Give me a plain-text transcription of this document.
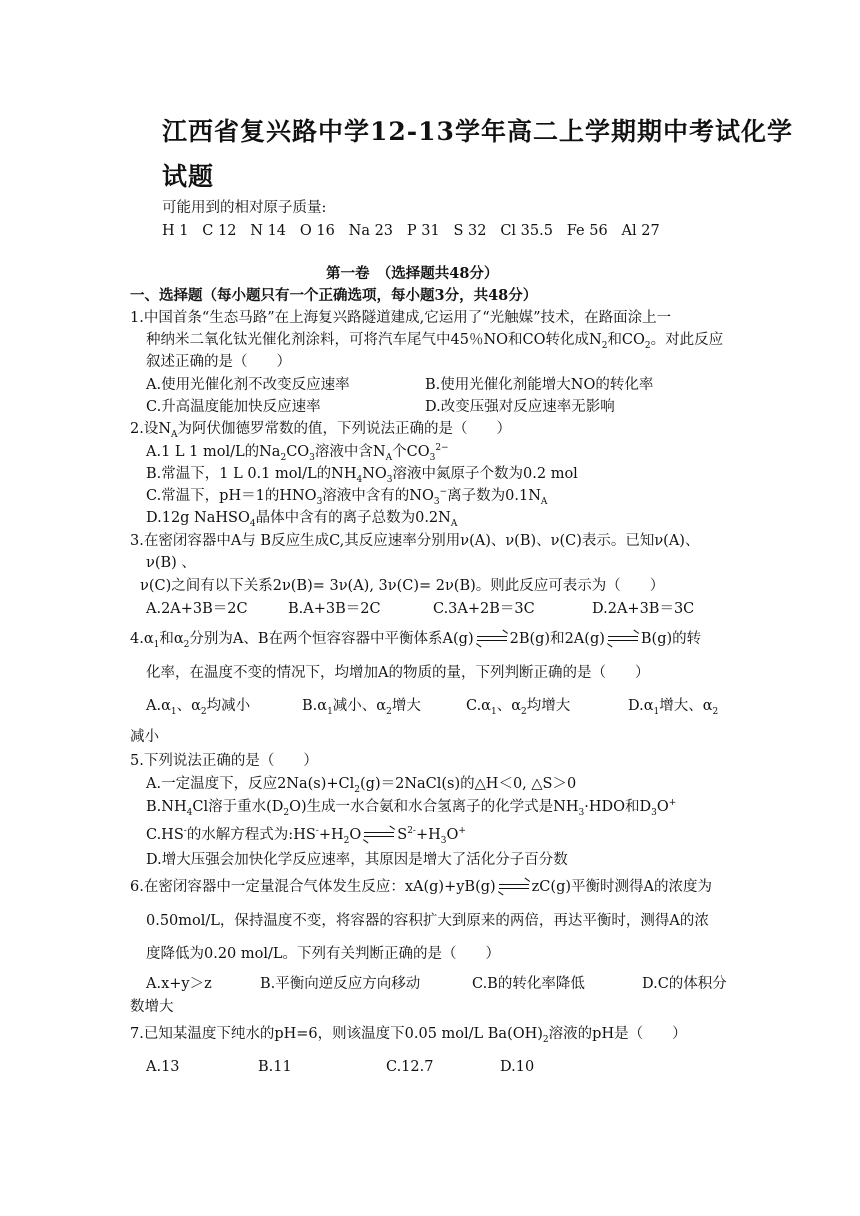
江西省复兴路中学12-13学年高二上学期期中考试化学
试题
可能用到的相对原子质量:
H 1   C 12   N 14   O 16   Na 23   P 31   S 32   Cl 35.5   Fe 56   Al 27
第一卷　（选择题共48分）
一、选择题（每小题只有一个正确选项，每小题3分，共48分）
1.中国首条“生态马路”在上海复兴路隧道建成,它运用了“光触媒”技术，在路面涂上一
种纳米二氧化钛光催化剂涂料，可将汽车尾气中45％NO和CO转化成$N_2$和$CO_2$。对此反应
叙述正确的是（　　）
A.使用光催化剂不改变反应速率	B.使用光催化剂能增大NO的转化率
C.升高温度能加快反应速率	D.改变压强对反应速率无影响
2.设$N_A$为阿伏伽德罗常数的值，下列说法正确的是（　　）
A.1 L 1 mol/L的$Na_2CO_3$溶液中含$N_A$个$CO_3^{2-}$
B.常温下，1 L 0.1 mol/L的$NH_4NO_3$溶液中氮原子个数为0.2 mol
C.常温下，pH＝1的$HNO_3$溶液中含有的$NO_3^-$离子数为$0.1N_A$
D.12g NaHSO$_4$晶体中含有的离子总数为$0.2N_A$
3.在密闭容器中A与 B反应生成C,其反应速率分别用ν(A)、ν(B)、ν(C)表示。已知ν(A)、
ν(B) 、
ν(C)之间有以下关系2ν(B)= 3ν(A), 3ν(C)= 2ν(B)。则此反应可表示为（　　）
A.2A+3B＝2C	B.A+3B＝2C	C.3A+2B＝3C	D.2A+3B＝3C
$4.\alpha_1$和$\alpha_2$分别为A、B在两个恒容容器中平衡体系A(g) 2B(g)和2A(g) B(g)的转
化率，在温度不变的情况下，均增加A的物质的量，下列判断正确的是（　　）
$A.\alpha_1$、$\alpha_2$均减小	$B.\alpha_1$减小、$\alpha_2$增大	$C.\alpha_1$、$\alpha_2$均增大	$D.\alpha_1$增大、$\alpha_2$
减小
5.下列说法正确的是（　　）
A.一定温度下，反应$2Na(s)+Cl_2(g)=2NaCl(s)$的△H＜0, △S＞0
$B.NH_4Cl$溶于重水$(D_2O)$生成一水合氨和水合氢离子的化学式是$NH_3\cdot HDO$和$D_3O^+$
C.HS-的水解方程式为$:HS^-+H_2O$ $S^{2-}+H_3O^+$
D.增大压强会加快化学反应速率，其原因是增大了活化分子百分数
6.在密闭容器中一定量混合气体发生反应：xA(g)+yB(g) zC(g)平衡时测得A的浓度为
0.50mol/L，保持温度不变，将容器的容积扩大到原来的两倍，再达平衡时，测得A的浓
度降低为0.20 mol/L。下列有关判断正确的是（　　）
A.x+y＞z	B.平衡向逆反应方向移动	C.B的转化率降低	D.C的体积分
数增大
7.已知某温度下纯水的pH=6，则该温度下0.05 mol/L $Ba(OH)_2$溶液的pH是（　　）
A.13	B.11	C.12.7	D.10
